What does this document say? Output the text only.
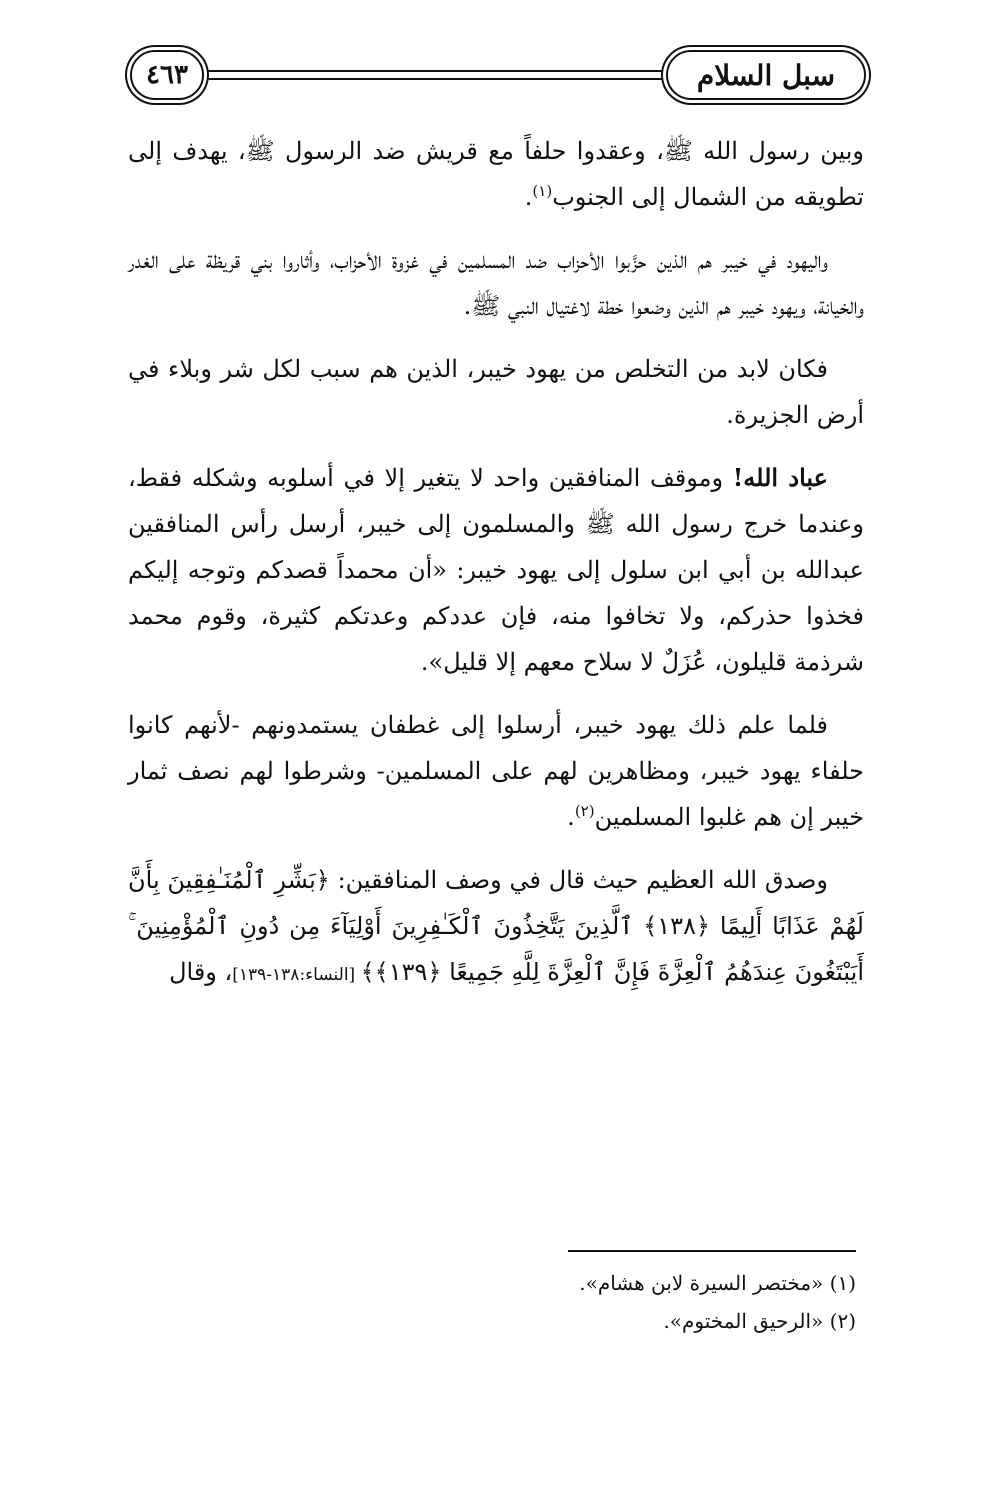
٤٦٣	سبل السلام

وبين رسول الله ﷺ، وعقدوا حلفاً مع قريش ضد الرسول ﷺ، يهدف إلى تطويقه من الشمال إلى الجنوب$^{(١)}$.

واليهود في خيبر هم الذين حزَّبوا الأحزاب ضد المسلمين في غزوة الأحزاب، وأثاروا بني قريظة على الغدر والخيانة، ويهود خيبر هم الذين وضعوا خطة لاغتيال النبي ﷺ.

فكان لابد من التخلص من يهود خيبر، الذين هم سبب لكل شر وبلاء في أرض الجزيرة.

عباد الله! وموقف المنافقين واحد لا يتغير إلا في أسلوبه وشكله فقط، وعندما خرج رسول الله ﷺ والمسلمون إلى خيبر، أرسل رأس المنافقين عبدالله بن أبي ابن سلول إلى يهود خيبر: «أن محمداً قصدكم وتوجه إليكم فخذوا حذركم، ولا تخافوا منه، فإن عددكم وعدتكم كثيرة، وقوم محمد شرذمة قليلون، عُزَلٌ لا سلاح معهم إلا قليل».

فلما علم ذلك يهود خيبر، أرسلوا إلى غطفان يستمدونهم -لأنهم كانوا حلفاء يهود خيبر، ومظاهرين لهم على المسلمين- وشرطوا لهم نصف ثمار خيبر إن هم غلبوا المسلمين$^{(٢)}$.

وصدق الله العظيم حيث قال في وصف المنافقين: ﴿بَشِّرِ ٱلْمُنَـٰفِقِينَ بِأَنَّ لَهُمْ عَذَابًا أَلِيمًا ﴿١٣٨﴾ ٱلَّذِينَ يَتَّخِذُونَ ٱلْكَـٰفِرِينَ أَوْلِيَآءَ مِن دُونِ ٱلْمُؤْمِنِينَ ۚ أَيَبْتَغُونَ عِندَهُمُ ٱلْعِزَّةَ فَإِنَّ ٱلْعِزَّةَ لِلَّهِ جَمِيعًا ﴿١٣٩﴾﴾ [النساء:١٣٨-١٣٩]، وقال

(١) «مختصر السيرة لابن هشام».
(٢) «الرحيق المختوم».
